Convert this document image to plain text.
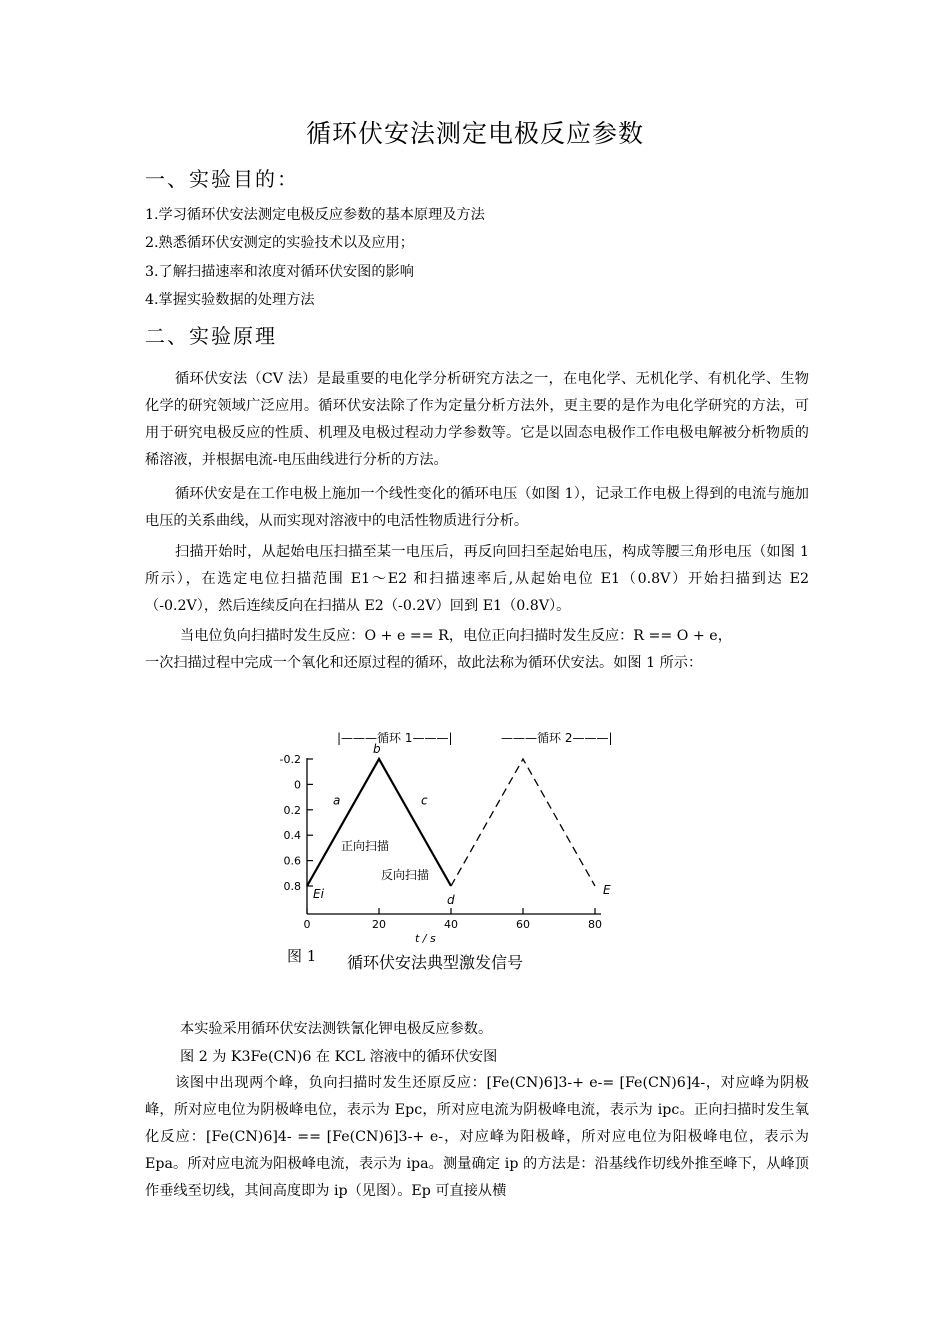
循环伏安法测定电极反应参数
一、实验目的：
1.学习循环伏安法测定电极反应参数的基本原理及方法
2.熟悉循环伏安测定的实验技术以及应用；
3.了解扫描速率和浓度对循环伏安图的影响
4.掌握实验数据的处理方法
二、实验原理
循环伏安法（CV 法）是最重要的电化学分析研究方法之一，在电化学、无机化学、有机化学、生物化学的研究领域广泛应用。循环伏安法除了作为定量分析方法外，更主要的是作为电化学研究的方法，可用于研究电极反应的性质、机理及电极过程动力学参数等。它是以固态电极作工作电极电解被分析物质的稀溶液，并根据电流-电压曲线进行分析的方法。
循环伏安是在工作电极上施加一个线性变化的循环电压（如图 1），记录工作电极上得到的电流与施加电压的关系曲线，从而实现对溶液中的电活性物质进行分析。
扫描开始时，从起始电压扫描至某一电压后，再反向回扫至起始电压，构成等腰三角形电压（如图 1 所示），在选定电位扫描范围 E1～E2 和扫描速率后,从起始电位 E1（0.8V）开始扫描到达 E2（-0.2V），然后连续反向在扫描从 E2（-0.2V）回到 E1（0.8V）。
当电位负向扫描时发生反应：O + e == R，电位正向扫描时发生反应：R == O + e，
一次扫描过程中完成一个氧化和还原过程的循环，故此法称为循环伏安法。如图 1 所示：
-0.2
0
0.2
0.4
0.6
0.8
0	20	40	60	80
b
a	c
d
Ei	E
|———循环 1———|	———循环 2———|
正向扫描
反向扫描
t / s
图 1 循环伏安法典型激发信号
本实验采用循环伏安法测铁氰化钾电极反应参数。
图 2 为 K3Fe(CN)6 在 KCL 溶液中的循环伏安图
该图中出现两个峰，负向扫描时发生还原反应：[Fe(CN)6]3-+ e-= [Fe(CN)6]4-，对应峰为阴极峰，所对应电位为阴极峰电位，表示为 Epc，所对应电流为阴极峰电流，表示为 ipc。正向扫描时发生氧化反应：[Fe(CN)6]4- == [Fe(CN)6]3-+ e-，对应峰为阳极峰，所对应电位为阳极峰电位，表示为 Epa。所对应电流为阳极峰电流，表示为 ipa。测量确定 ip 的方法是：沿基线作切线外推至峰下，从峰顶作垂线至切线，其间高度即为 ip（见图）。Ep 可直接从横
